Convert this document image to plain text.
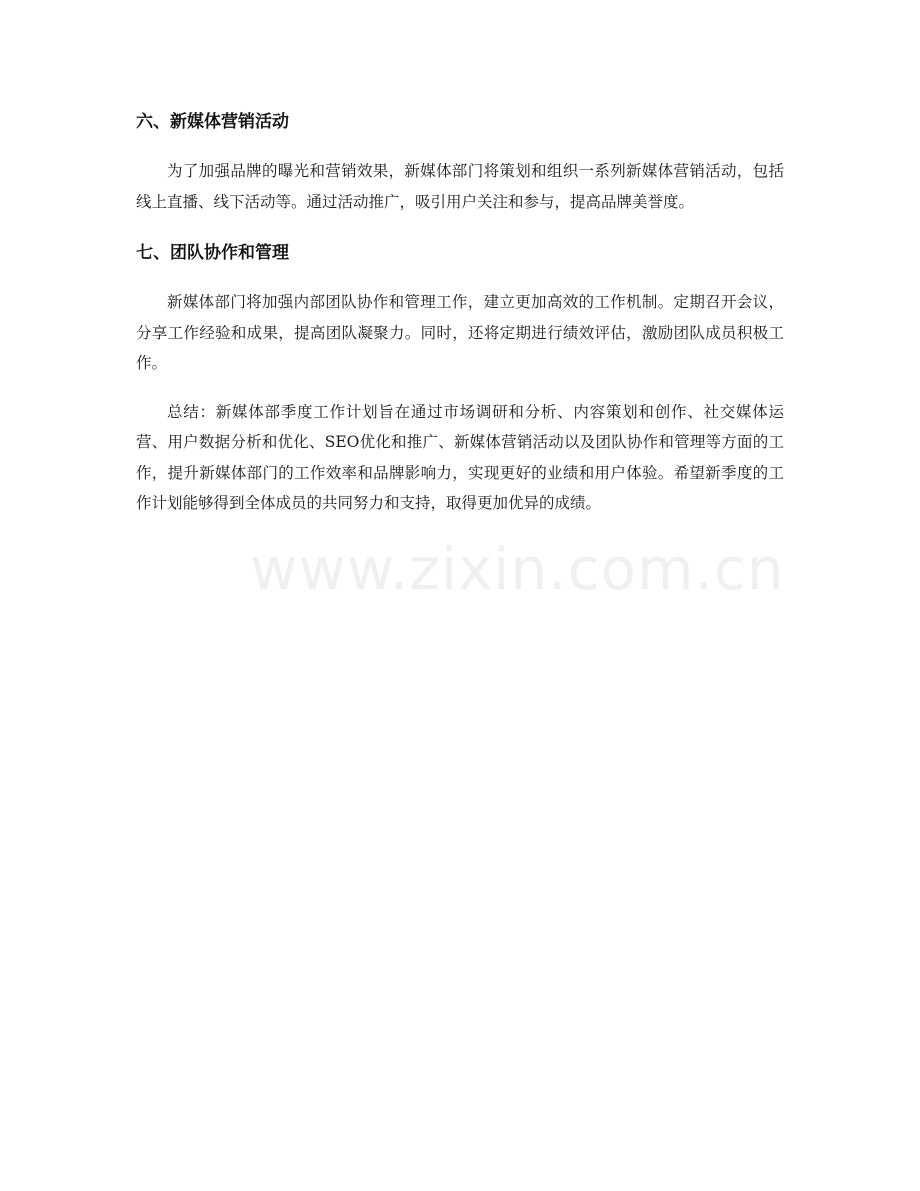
六、新媒体营销活动

为了加强品牌的曝光和营销效果，新媒体部门将策划和组织一系列新媒体营销活动，包括线上直播、线下活动等。通过活动推广，吸引用户关注和参与，提高品牌美誉度。

七、团队协作和管理

新媒体部门将加强内部团队协作和管理工作，建立更加高效的工作机制。定期召开会议，分享工作经验和成果，提高团队凝聚力。同时，还将定期进行绩效评估，激励团队成员积极工作。

总结：新媒体部季度工作计划旨在通过市场调研和分析、内容策划和创作、社交媒体运营、用户数据分析和优化、SEO优化和推广、新媒体营销活动以及团队协作和管理等方面的工作，提升新媒体部门的工作效率和品牌影响力，实现更好的业绩和用户体验。希望新季度的工作计划能够得到全体成员的共同努力和支持，取得更加优异的成绩。

www.zixin.com.cn
